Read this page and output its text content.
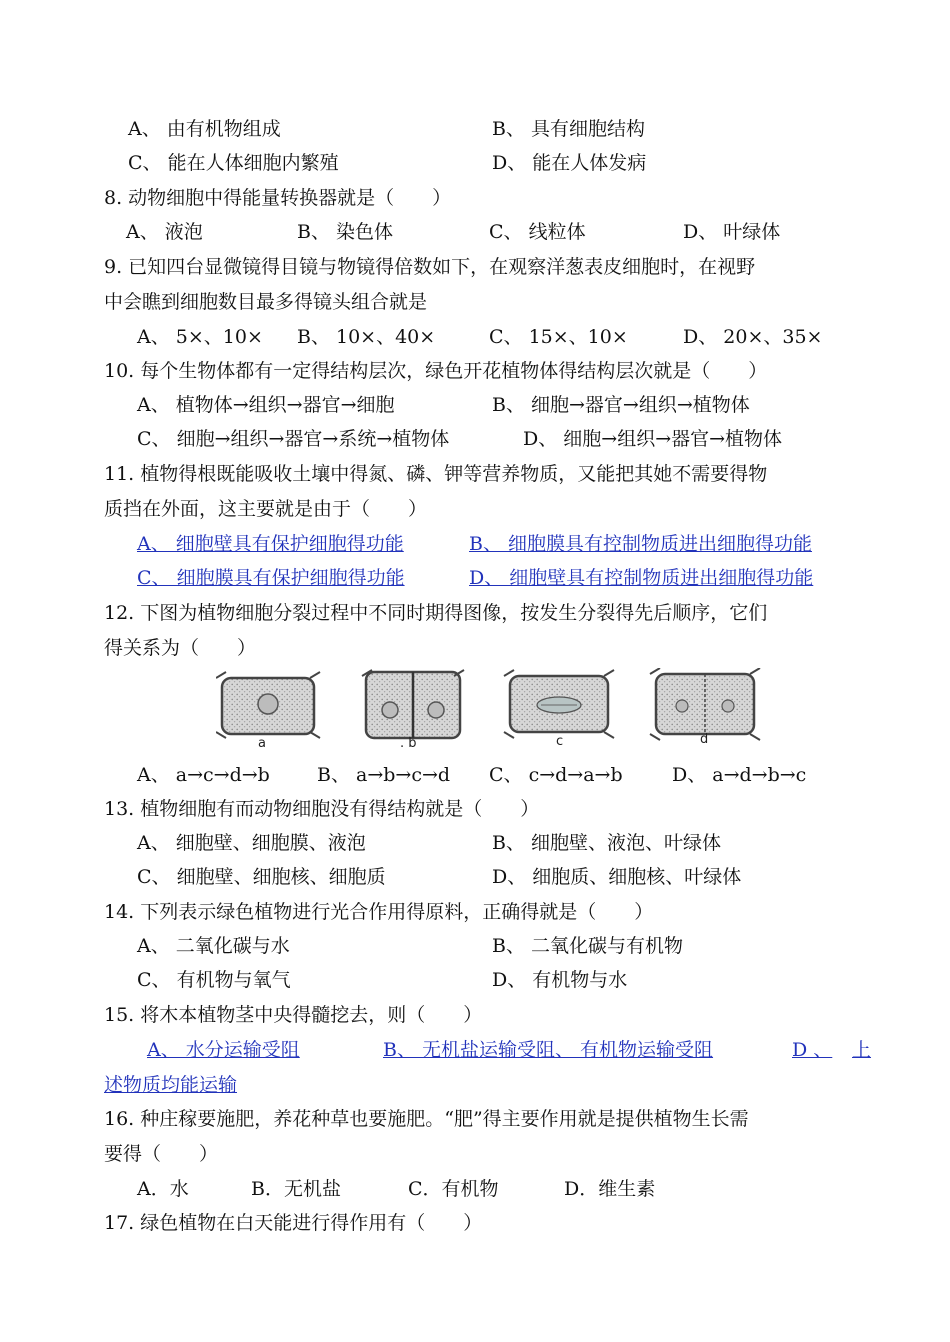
A、 由有机物组成	B、 具有细胞结构
C、 能在人体细胞内繁殖	D、 能在人体发病
8. 动物细胞中得能量转换器就是（　　）
A、 液泡	B、 染色体	C、 线粒体	D、 叶绿体
9. 已知四台显微镜得目镜与物镜得倍数如下，在观察洋葱表皮细胞时，在视野
中会瞧到细胞数目最多得镜头组合就是
A、 5×、10× B、 10×、40×	C、 15×、10×	D、 20×、35×
10. 每个生物体都有一定得结构层次，绿色开花植物体得结构层次就是（　　）
A、 植物体→组织→器官→细胞	B、 细胞→器官→组织→植物体
C、 细胞→组织→器官→系统→植物体	D、 细胞→组织→器官→植物体
11. 植物得根既能吸收土壤中得氮、磷、钾等营养物质，又能把其她不需要得物
质挡在外面，这主要就是由于（　　）
A、 细胞壁具有保护细胞得功能	B、 细胞膜具有控制物质进出细胞得功能
C、 细胞膜具有保护细胞得功能	D、 细胞壁具有控制物质进出细胞得功能
12. 下图为植物细胞分裂过程中不同时期得图像，按发生分裂得先后顺序，它们
得关系为（　　）
a	. b	c	d
A、 a→c→d→b B、 a→b→c→d C、 c→d→a→b	D、 a→d→b→c
13. 植物细胞有而动物细胞没有得结构就是（　　）
A、 细胞壁、细胞膜、液泡	B、 细胞壁、液泡、叶绿体
C、 细胞壁、细胞核、细胞质	D、 细胞质、细胞核、叶绿体
14. 下列表示绿色植物进行光合作用得原料，正确得就是（　　）
A、 二氧化碳与水	B、 二氧化碳与有机物
C、 有机物与氧气	D、 有机物与水
15. 将木本植物茎中央得髓挖去，则（　　）
A、 水分运输受阻	B、 无机盐运输受阻、 有机物运输受阻	D 、 上
述物质均能运输
16. 种庄稼要施肥，养花种草也要施肥。“肥”得主要作用就是提供植物生长需
要得（　　）
A．水	B．无机盐	C．有机物	D．维生素
17. 绿色植物在白天能进行得作用有（　　）
